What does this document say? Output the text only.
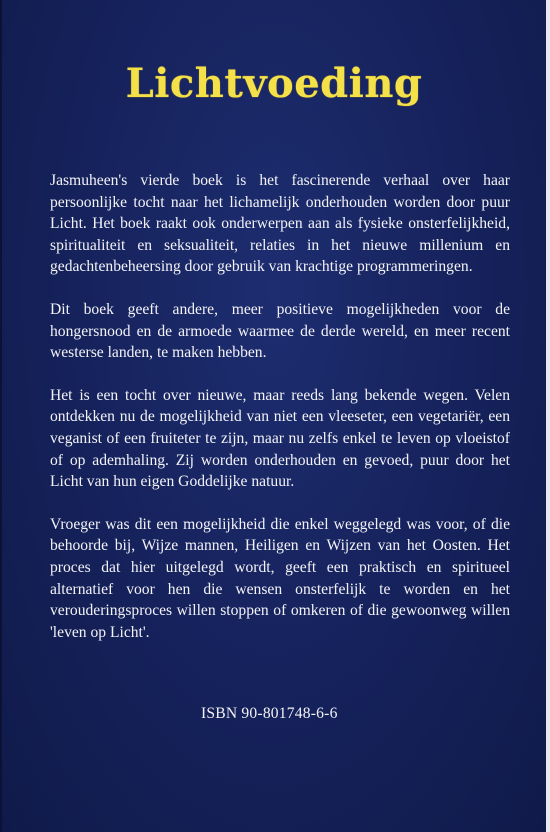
Lichtvoeding

Jasmuheen's vierde boek is het fascinerende verhaal over haar persoonlijke tocht naar het lichamelijk onderhouden worden door puur Licht. Het boek raakt ook onderwerpen aan als fysieke onsterfelijkheid, spiritualiteit en seksualiteit, relaties in het nieuwe millenium en gedachtenbeheersing door gebruik van krachtige programmeringen.

Dit boek geeft andere, meer positieve mogelijkheden voor de hongersnood en de armoede waarmee de derde wereld, en meer recent westerse landen, te maken hebben.

Het is een tocht over nieuwe, maar reeds lang bekende wegen. Velen ontdekken nu de mogelijkheid van niet een vleeseter, een vegetariër, een veganist of een fruiteter te zijn, maar nu zelfs enkel te leven op vloeistof of op ademhaling. Zij worden onderhouden en gevoed, puur door het Licht van hun eigen Goddelijke natuur.

Vroeger was dit een mogelijkheid die enkel weggelegd was voor, of die behoorde bij, Wijze mannen, Heiligen en Wijzen van het Oosten. Het proces dat hier uitgelegd wordt, geeft een praktisch en spiritueel alternatief voor hen die wensen onsterfelijk te worden en het verouderingsproces willen stoppen of omkeren of die gewoonweg willen 'leven op Licht'.

ISBN 90-801748-6-6
